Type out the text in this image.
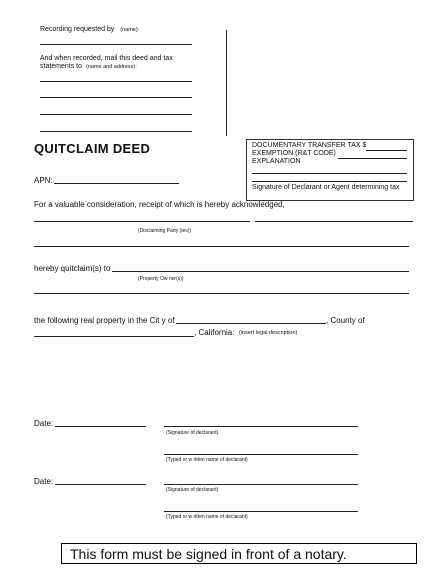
Recording requested by (name):
And when recorded, mail this deed and tax
statements to (name and address):
QUITCLAIM DEED
APN:
DOCUMENTARY TRANSFER TAX $
EXEMPTION (R&T CODE)
EXPLANATION
Signature of Declarant or Agent determining tax
For a valuable consideration, receipt of which is hereby acknowledged,
(Disclaiming Party (ies))
hereby quitclaim(s) to
(Property Ow ner(s))
the following real property in the Cit y of	, County of
, California: (insert legal description)
Date:
(Signature of declarant)
(Typed or w ritten name of declarant)
Date:
(Signature of declarant)
(Typed or w ritten name of declarant)
This form must be signed in front of a notary.
